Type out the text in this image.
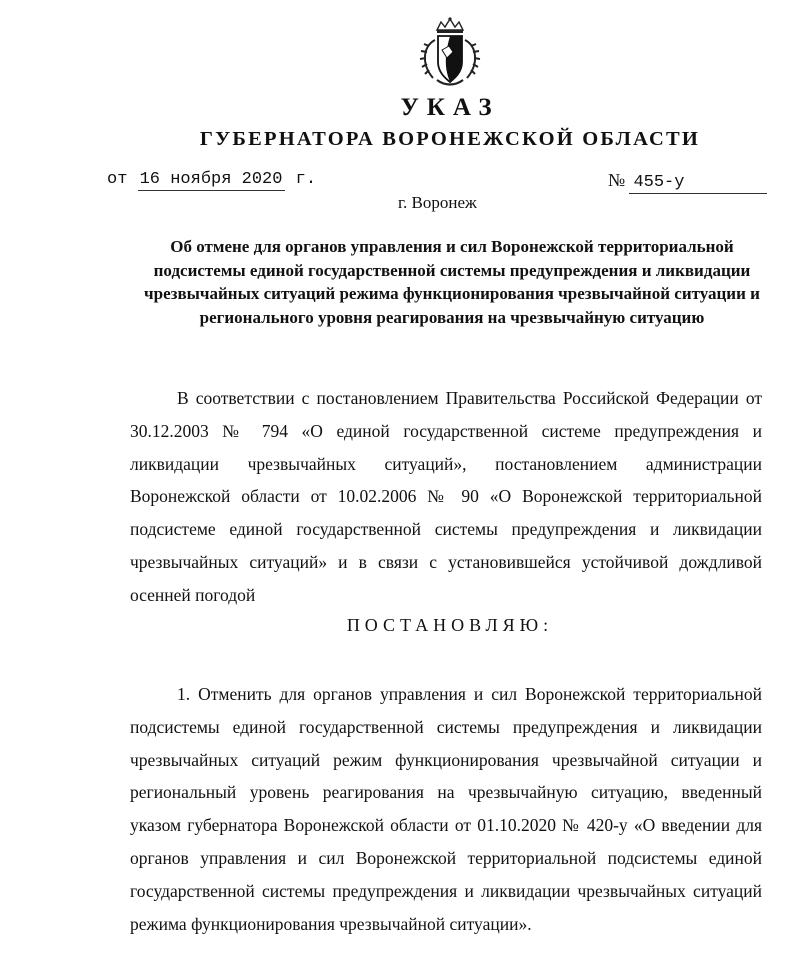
УКАЗ
ГУБЕРНАТОРА ВОРОНЕЖСКОЙ ОБЛАСТИ
от 16 ноября 2020 г.	№ 455-у
г. Воронеж
Об отмене для органов управления и сил Воронежской территориальной подсистемы единой государственной системы предупреждения и ликвидации чрезвычайных ситуаций режима функционирования чрезвычайной ситуации и регионального уровня реагирования на чрезвычайную ситуацию

В соответствии с постановлением Правительства Российской Федерации от 30.12.2003 № 794 «О единой государственной системе предупреждения и ликвидации чрезвычайных ситуаций», постановлением администрации Воронежской области от 10.02.2006 № 90 «О Воронежской территориальной подсистеме единой государственной системы предупреждения и ликвидации чрезвычайных ситуаций» и в связи с установившейся устойчивой дождливой осенней погодой

ПОСТАНОВЛЯЮ:

1. Отменить для органов управления и сил Воронежской территориальной подсистемы единой государственной системы предупреждения и ликвидации чрезвычайных ситуаций режим функционирования чрезвычайной ситуации и региональный уровень реагирования на чрезвычайную ситуацию, введенный указом губернатора Воронежской области от 01.10.2020 № 420-у «О введении для органов управления и сил Воронежской территориальной подсистемы единой государственной системы предупреждения и ликвидации чрезвычайных ситуаций режима функционирования чрезвычайной ситуации».
